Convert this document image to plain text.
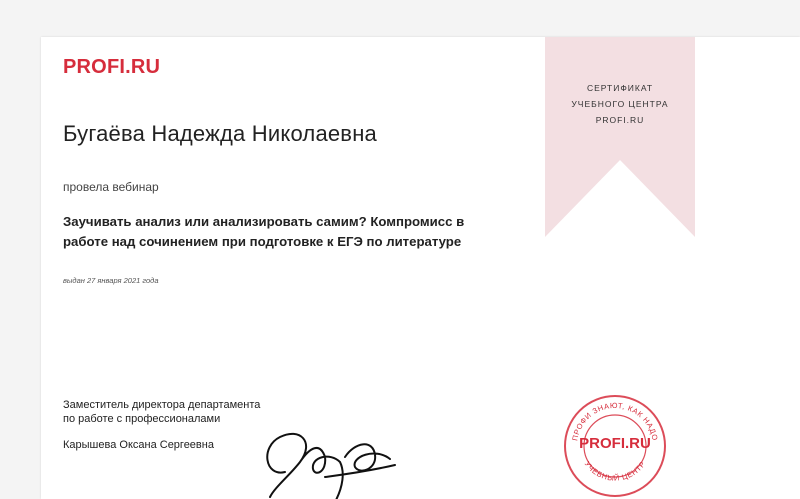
PROFI.RU
СЕРТИФИКАТ
УЧЕБНОГО ЦЕНТРА
PROFI.RU
Бугаёва Надежда Николаевна
провела вебинар
Заучивать анализ или анализировать самим? Компромисс в работе над сочинением при подготовке к ЕГЭ по литературе
выдан 27 января 2021 года
Заместитель директора департамента
по работе с профессионалами
Карышева Оксана Сергеевна
ПРОФИ ЗНАЮТ, КАК НАДО
УЧЕБНЫЙ ЦЕНТР
PROFI.RU
